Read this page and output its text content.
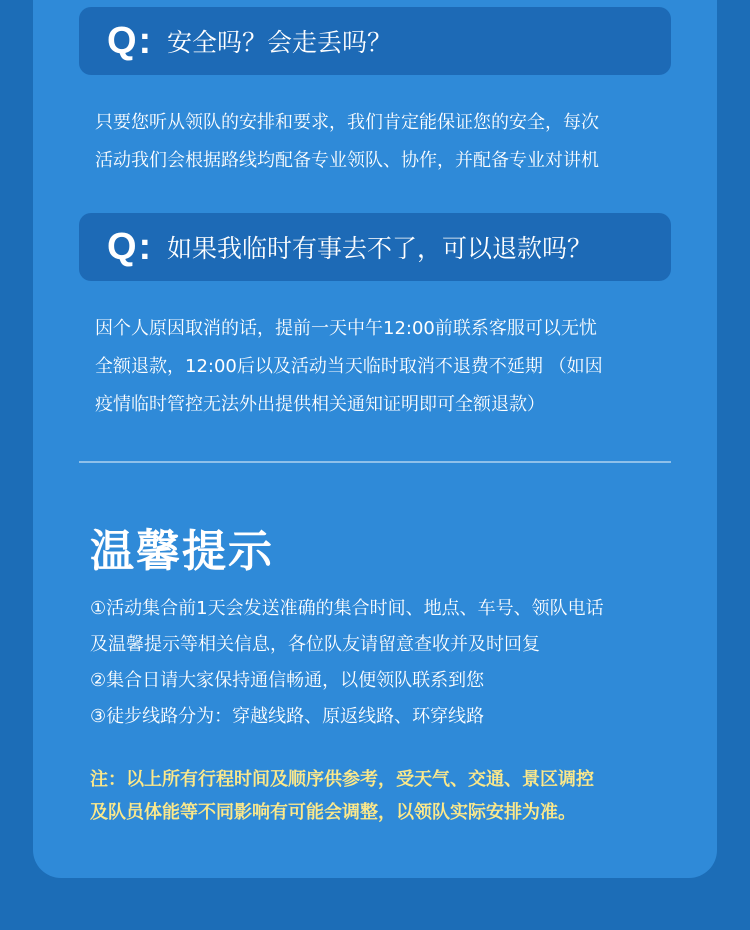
Q: 安全吗？会走丢吗？
只要您听从领队的安排和要求，我们肯定能保证您的安全，每次
活动我们会根据路线均配备专业领队、协作，并配备专业对讲机
Q: 如果我临时有事去不了，可以退款吗？
因个人原因取消的话，提前一天中午12:00前联系客服可以无忧
全额退款，12:00后以及活动当天临时取消不退费不延期 （如因
疫情临时管控无法外出提供相关通知证明即可全额退款）
温馨提示
①活动集合前1天会发送准确的集合时间、地点、车号、领队电话
及温馨提示等相关信息，各位队友请留意查收并及时回复
②集合日请大家保持通信畅通，以便领队联系到您
③徒步线路分为：穿越线路、原返线路、环穿线路
注：以上所有行程时间及顺序供参考，受天气、交通、景区调控
及队员体能等不同影响有可能会调整，以领队实际安排为准。
